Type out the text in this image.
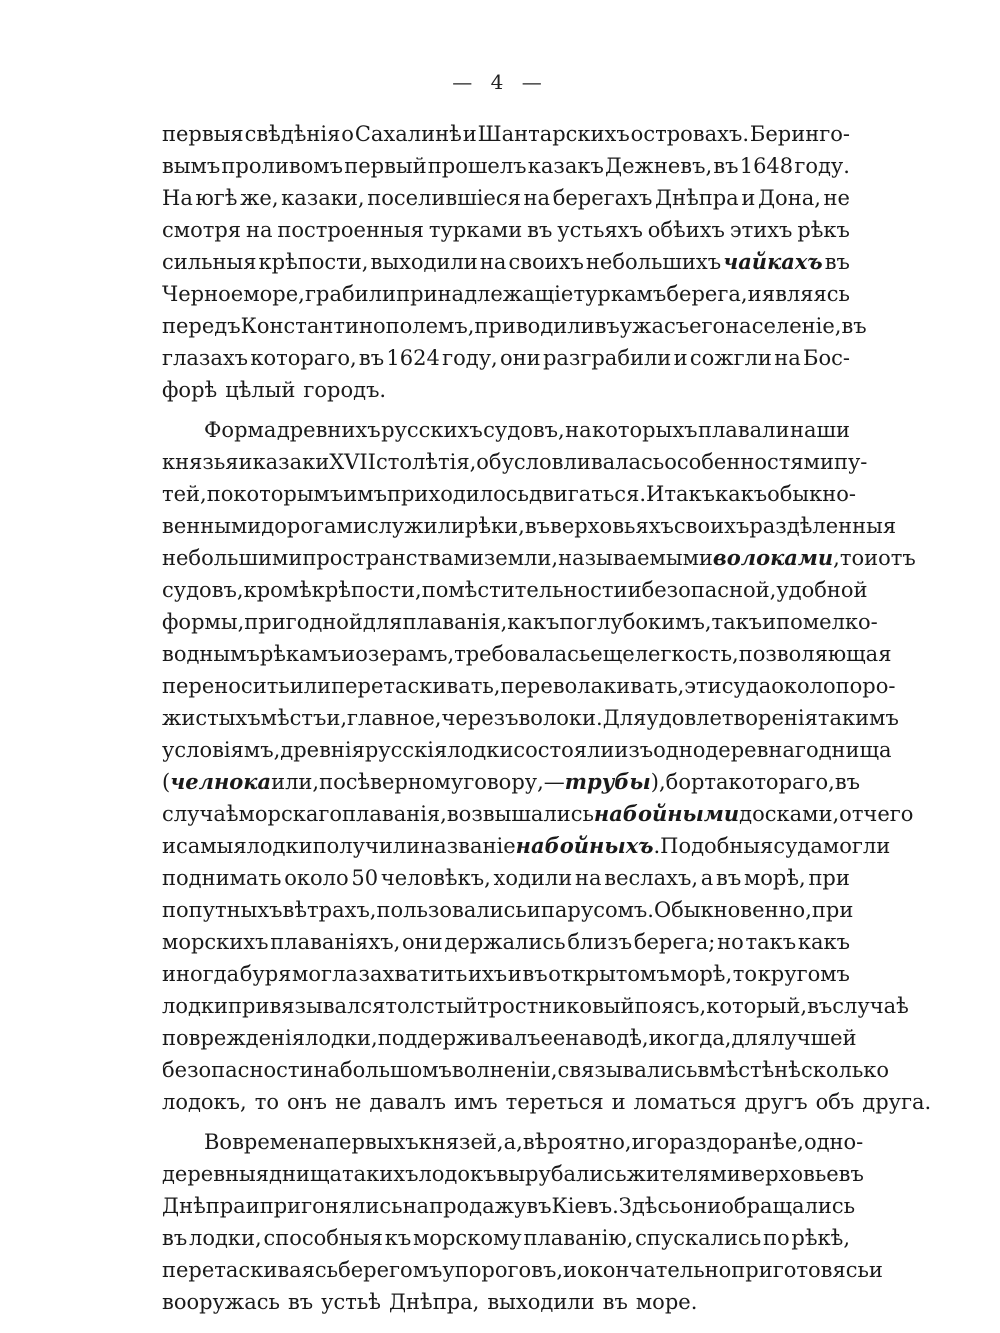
— 4 —
первыя свѣдѣнія о Сахалинѣ и Шантарскихъ островахъ. Берингo-
вымъ проливомъ первый прошелъ казакъ Дежневъ, въ 1648 году.
На югѣ же, казаки, поселившіеся на берегахъ Днѣпра и Дона, не
смотря на построенныя турками въ устьяхъ обѣихъ этихъ рѣкъ
сильныя крѣпости, выходили на своихъ небольшихъ чайкахъ въ
Черное море, грабили принадлежащіе туркамъ берега, и являясь
передъ Константинополемъ, приводили въ ужасъ его населеніе, въ
глазахъ котораго, въ 1624 году, они разграбили и сожгли на Бос-
форѣ цѣлый городъ.
Форма древнихъ русскихъ судовъ, на которыхъ плавали наши
князья и казаки XVII столѣтія, обусловливалась особенностями пу-
тей, по которымъ имъ приходилось двигаться. И такъ какъ обыкно-
венными дорогами служили рѣки, въ верховьяхъ своихъ раздѣленныя
небольшими пространствами земли, называемыми волоками, то и отъ
судовъ, кромѣ крѣпости, помѣстительности и безопасной, удобной
формы, пригодной для плаванія, какъ по глубокимъ, такъ и по мелко-
воднымъ рѣкамъ и озерамъ, требовалась еще легкость, позволяющая
переносить или перетаскивать, переволакивать, эти суда около поро-
жистыхъ мѣстъ и, главное, черезъ волоки. Для удовлетворенія такимъ
условіямъ, древнія русскія лодки состояли изъ однодеревнаго днища
(челнока или, по сѣверному говору, — трубы), борта котораго, въ
случаѣ морскаго плаванія, возвышались набойными досками, отчего
и самыя лодки получили названіе набойныхъ. Подобныя суда могли
поднимать около 50 человѣкъ, ходили на веслахъ, а въ морѣ, при
попутныхъ вѣтрахъ, пользовались и парусомъ. Обыкновенно, при
морскихъ плаваніяхъ, они держались близъ берега; но такъ какъ
иногда буря могла захватить ихъ и въ открытомъ морѣ, то кругомъ
лодки привязывался толстый тростниковый поясъ, который, въ случаѣ
поврежденія лодки, поддерживалъ ее на водѣ, и когда, для лучшей
безопасности на большомъ волненіи, связывались вмѣстѣ нѣсколько
лодокъ, то онъ не давалъ имъ тереться и ломаться другъ объ друга.
Во времена первыхъ князей, а, вѣроятно, и гораздо ранѣе, одно-
деревныя днища такихъ лодокъ вырубались жителями верховьевъ
Днѣпра и пригонялись на продажу въ Кіевъ. Здѣсь они обращались
въ лодки, способныя къ морскому плаванію, спускались по рѣкѣ,
перетаскиваясь берегомъ у пороговъ, и окончательно приготовясь и
вооружась въ устьѣ Днѣпра, выходили въ море.
